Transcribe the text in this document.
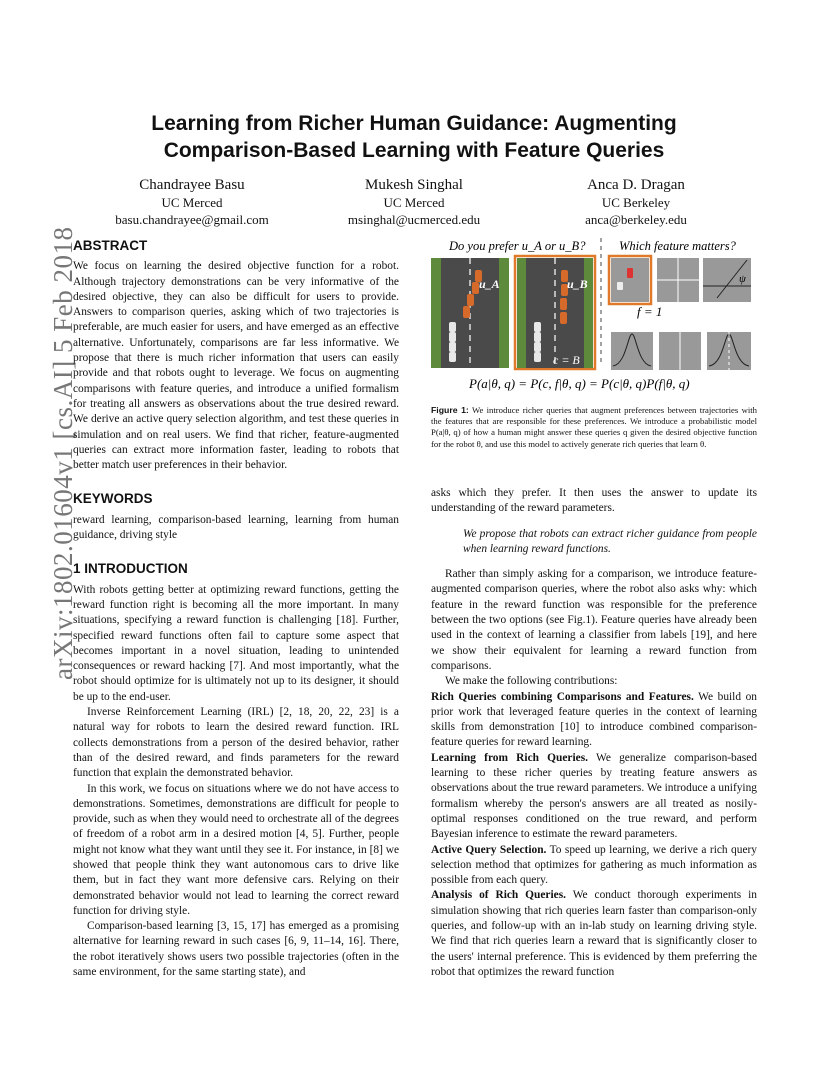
arXiv:1802.01604v1 [cs.AI] 5 Feb 2018
Learning from Richer Human Guidance: Augmenting
Comparison-Based Learning with Feature Queries
Chandrayee Basu
UC Merced
basu.chandrayee@gmail.com
Mukesh Singhal
UC Merced
msinghal@ucmerced.edu
Anca D. Dragan
UC Berkeley
anca@berkeley.edu
ABSTRACT

We focus on learning the desired objective function for a robot. Although trajectory demonstrations can be very informative of the desired objective, they can also be difficult for users to provide. Answers to comparison queries, asking which of two trajectories is preferable, are much easier for users, and have emerged as an effective alternative. Unfortunately, comparisons are far less informative. We propose that there is much richer information that users can easily provide and that robots ought to leverage. We focus on augmenting comparisons with feature queries, and introduce a unified formalism for treating all answers as observations about the true desired reward. We derive an active query selection algorithm, and test these queries in simulation and on real users. We find that richer, feature-augmented queries can extract more information faster, leading to robots that better match user preferences in their behavior.

KEYWORDS

reward learning, comparison-based learning, learning from human guidance, driving style

1 INTRODUCTION

With robots getting better at optimizing reward functions, getting the reward function right is becoming all the more important. In many situations, specifying a reward function is challenging [18]. Further, specified reward functions often fail to capture some aspect that becomes important in a novel situation, leading to unintended consequences or reward hacking [7]. And most importantly, what the robot should optimize for is ultimately not up to its designer, it should be up to the end-user.

Inverse Reinforcement Learning (IRL) [2, 18, 20, 22, 23] is a natural way for robots to learn the desired reward function. IRL collects demonstrations from a person of the desired behavior, rather than of the desired reward, and finds parameters for the reward function that explain the demonstrated behavior.

In this work, we focus on situations where we do not have access to demonstrations. Sometimes, demonstrations are difficult for people to provide, such as when they would need to orchestrate all of the degrees of freedom of a robot arm in a desired motion [4, 5]. Further, people might not know what they want until they see it. For instance, in [8] we showed that people think they want autonomous cars to drive like them, but in fact they want more defensive cars. Relying on their demonstrated behavior would not lead to learning the correct reward function for driving style.

Comparison-based learning [3, 15, 17] has emerged as a promising alternative for learning reward in such cases [6, 9, 11–14, 16]. There, the robot iteratively shows users two possible trajectories (often in the same environment, for the same starting state), and

Do you prefer u_A or u_B?	Which feature matters?
u_A	u_B
c = B
ψ
f = 1
P(a|θ, q) = P(c, f|θ, q) = P(c|θ, q)P(f|θ, q)
Figure 1: We introduce richer queries that augment preferences between trajectories with the features that are responsible for these preferences. We introduce a probabilistic model P(a|θ, q) of how a human might answer these queries q given the desired objective function for the robot θ, and use this model to actively generate rich queries that learn θ.

asks which they prefer. It then uses the answer to update its understanding of the reward parameters.

We propose that robots can extract richer guidance from people when learning reward functions.

Rather than simply asking for a comparison, we introduce feature-augmented comparison queries, where the robot also asks why: which feature in the reward function was responsible for the preference between the two options (see Fig.1). Feature queries have already been used in the context of learning a classifier from labels [19], and here we show their equivalent for learning a reward function from comparisons.

We make the following contributions:

Rich Queries combining Comparisons and Features. We build on prior work that leveraged feature queries in the context of learning skills from demonstration [10] to introduce combined comparison-feature queries for reward learning.

Learning from Rich Queries. We generalize comparison-based learning to these richer queries by treating feature answers as observations about the true reward parameters. We introduce a unifying formalism whereby the person's answers are all treated as nosily-optimal responses conditioned on the true reward, and perform Bayesian inference to estimate the reward parameters.

Active Query Selection. To speed up learning, we derive a rich query selection method that optimizes for gathering as much information as possible from each query.

Analysis of Rich Queries. We conduct thorough experiments in simulation showing that rich queries learn faster than comparison-only queries, and follow-up with an in-lab study on learning driving style. We find that rich queries learn a reward that is significantly closer to the users' internal preference. This is evidenced by them preferring the robot that optimizes the reward function
